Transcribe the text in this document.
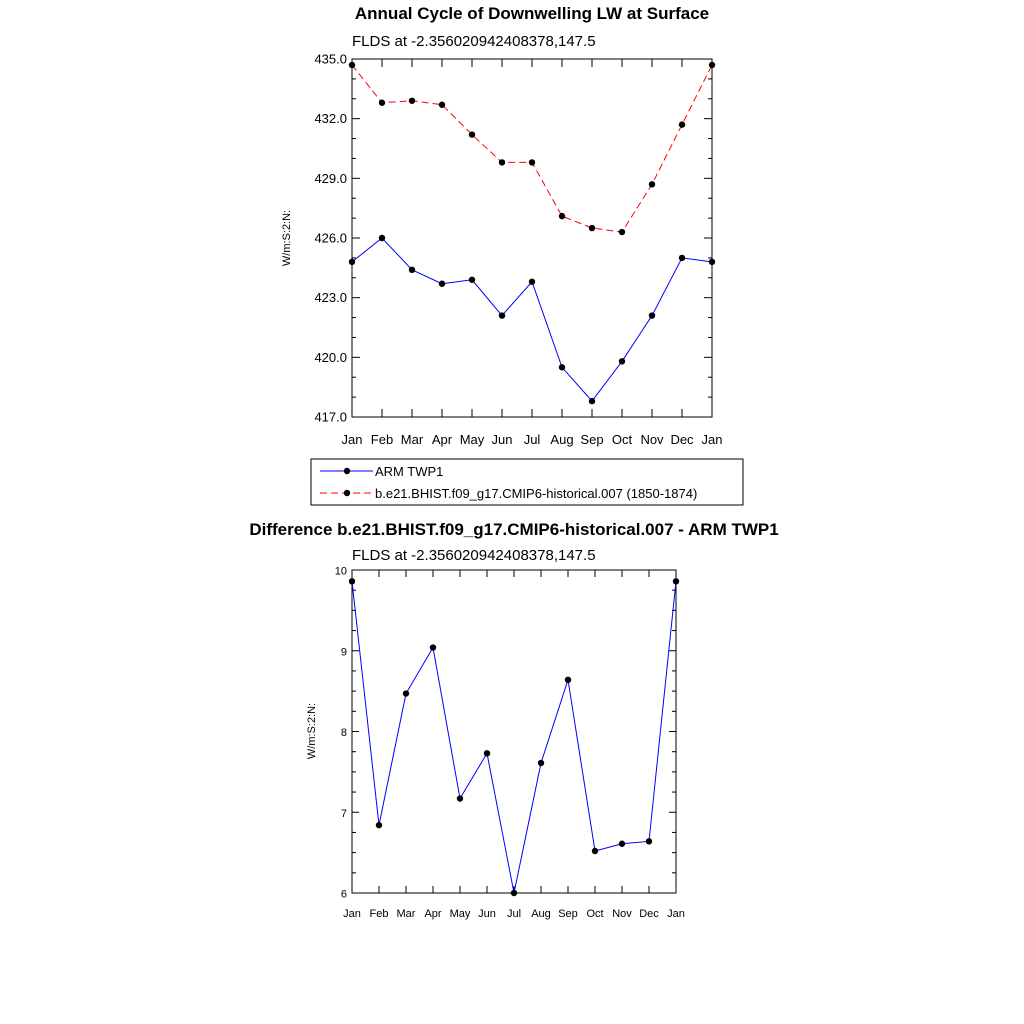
Annual Cycle of Downwelling LW at Surface
FLDS at -2.356020942408378,147.5
W/m:S:2:N:
Jan Feb Mar Apr May Jun Jul Aug Sep Oct Nov Dec Jan
417.0
420.0
423.0
426.0
429.0
432.0
435.0
ARM TWP1
b.e21.BHIST.f09_g17.CMIP6-historical.007 (1850-1874)
Difference b.e21.BHIST.f09_g17.CMIP6-historical.007 - ARM TWP1
FLDS at -2.356020942408378,147.5
W/m:S:2:N:
Jan Feb Mar Apr May Jun Jul Aug Sep Oct Nov Dec Jan
6
7
8
9
10
